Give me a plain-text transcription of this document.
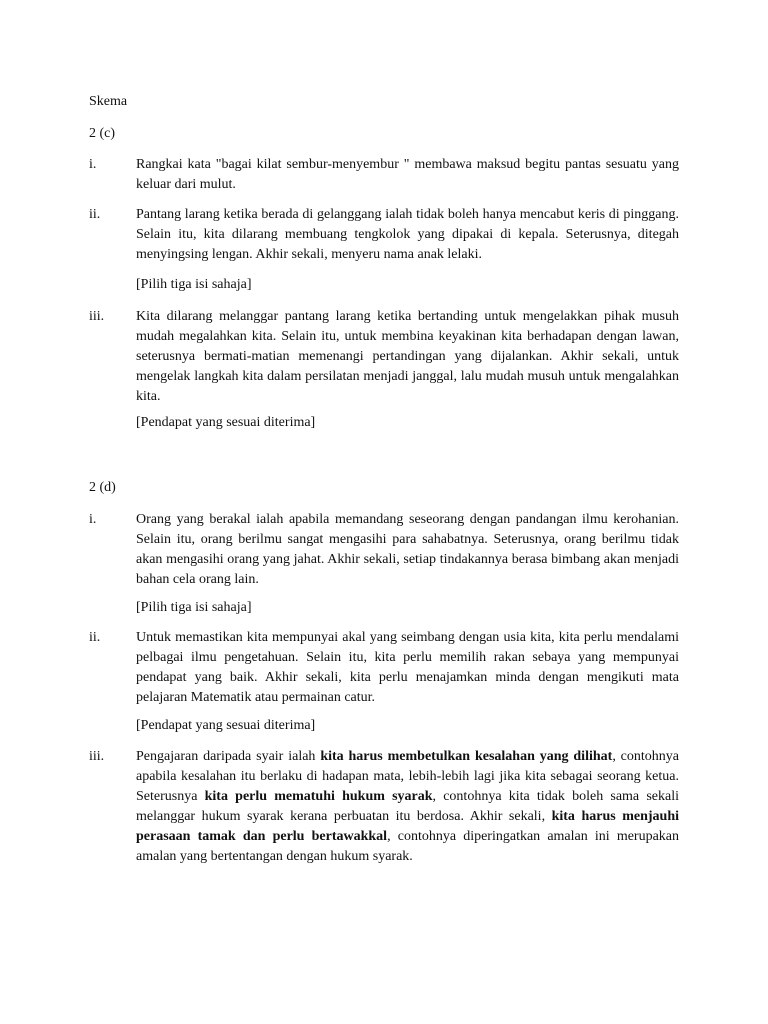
Skema
2 (c)
i.	Rangkai kata "bagai kilat sembur-menyembur " membawa maksud begitu pantas sesuatu yang keluar dari mulut.
ii.	Pantang larang ketika berada di gelanggang ialah tidak boleh hanya mencabut keris di pinggang. Selain itu, kita dilarang membuang tengkolok yang dipakai di kepala. Seterusnya, ditegah menyingsing lengan. Akhir sekali, menyeru nama anak lelaki.
[Pilih tiga isi sahaja]
iii. Kita dilarang melanggar pantang larang ketika bertanding untuk mengelakkan pihak musuh mudah megalahkan kita. Selain itu, untuk membina keyakinan kita berhadapan dengan lawan, seterusnya bermati-matian memenangi pertandingan yang dijalankan. Akhir sekali, untuk mengelak langkah kita dalam persilatan menjadi janggal, lalu mudah musuh untuk mengalahkan kita.
[Pendapat yang sesuai diterima]
2 (d)
i.	Orang yang berakal ialah apabila memandang seseorang dengan pandangan ilmu kerohanian. Selain itu, orang berilmu sangat mengasihi para sahabatnya. Seterusnya, orang berilmu tidak akan mengasihi orang yang jahat. Akhir sekali, setiap tindakannya berasa bimbang akan menjadi bahan cela orang lain.
[Pilih tiga isi sahaja]
ii.	Untuk memastikan kita mempunyai akal yang seimbang dengan usia kita, kita perlu mendalami pelbagai ilmu pengetahuan. Selain itu, kita perlu memilih rakan sebaya yang mempunyai pendapat yang baik. Akhir sekali, kita perlu menajamkan minda dengan mengikuti mata pelajaran Matematik atau permainan catur.
[Pendapat yang sesuai diterima]
iii. Pengajaran daripada syair ialah kita harus membetulkan kesalahan yang dilihat, contohnya apabila kesalahan itu berlaku di hadapan mata, lebih-lebih lagi jika kita sebagai seorang ketua. Seterusnya kita perlu mematuhi hukum syarak, contohnya kita tidak boleh sama sekali melanggar hukum syarak kerana perbuatan itu berdosa. Akhir sekali, kita harus menjauhi perasaan tamak dan perlu bertawakkal, contohnya diperingatkan amalan ini merupakan amalan yang bertentangan dengan hukum syarak.
